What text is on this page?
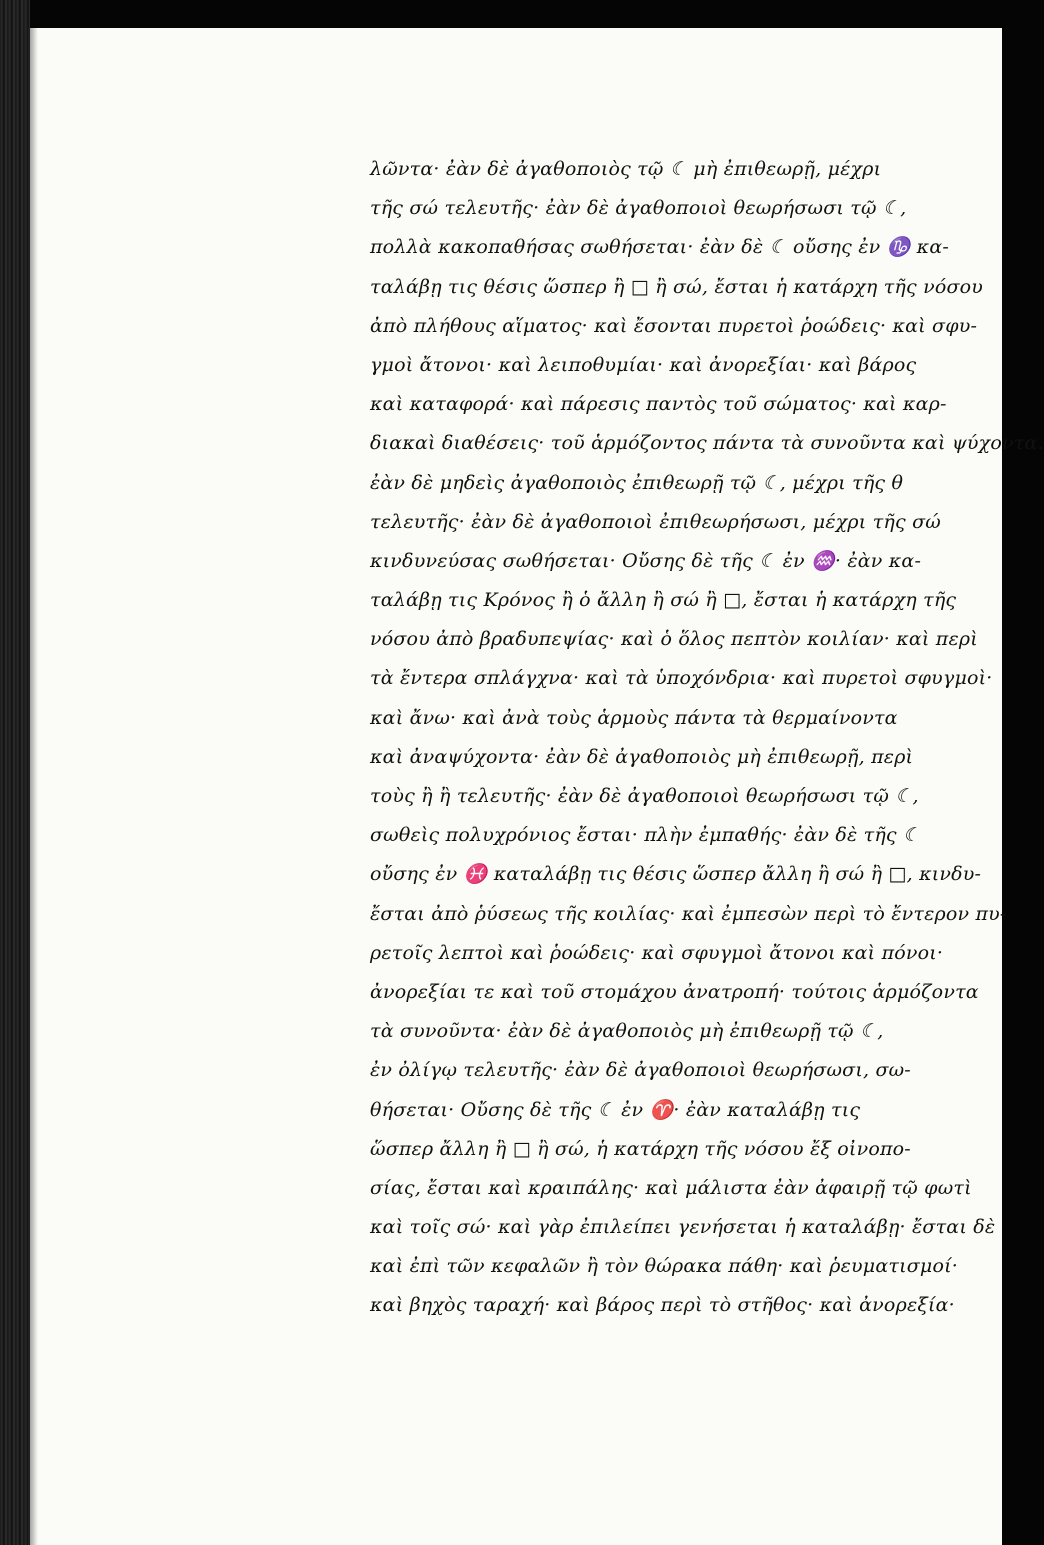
λῶντα· ἐὰν δὲ ἀγαθοποιὸς τῷ ☾ μὴ ἐπιθεωρῇ, μέχρι
τῆς σώ τελευτῆς· ἐὰν δὲ ἀγαθοποιοὶ θεωρήσωσι τῷ ☾,
πολλὰ κακοπαθήσας σωθήσεται· ἐὰν δὲ ☾ οὔσης ἐν ♑ κα-
ταλάβῃ τις θέσις ὥσπερ ἢ □ ἢ σώ, ἔσται ἡ κατάρχη τῆς νόσου
ἀπὸ πλήθους αἵματος· καὶ ἔσονται πυρετοὶ ῥοώδεις· καὶ σφυ-
γμοὶ ἄτονοι· καὶ λειποθυμίαι· καὶ ἀνορεξίαι· καὶ βάρος
καὶ καταφορά· καὶ πάρεσις παντὸς τοῦ σώματος· καὶ καρ-
διακαὶ διαθέσεις· τοῦ ἁρμόζοντος πάντα τὰ συνοῦντα καὶ ψύχοντα.
ἐὰν δὲ μηδεὶς ἀγαθοποιὸς ἐπιθεωρῇ τῷ ☾, μέχρι τῆς θ
τελευτῆς· ἐὰν δὲ ἀγαθοποιοὶ ἐπιθεωρήσωσι, μέχρι τῆς σώ
κινδυνεύσας σωθήσεται· Οὔσης δὲ τῆς ☾ ἐν ♒· ἐὰν κα-
ταλάβῃ τις Κρόνος ἢ ὁ ἄλλη ἢ σώ ἢ □, ἔσται ἡ κατάρχη τῆς
νόσου ἀπὸ βραδυπεψίας· καὶ ὁ ὅλος πεπτὸν κοιλίαν· καὶ περὶ
τὰ ἔντερα σπλάγχνα· καὶ τὰ ὑποχόνδρια· καὶ πυρετοὶ σφυγμοὶ·
καὶ ἄνω· καὶ ἀνὰ τοὺς ἁρμοὺς πάντα τὰ θερμαίνοντα
καὶ ἀναψύχοντα· ἐὰν δὲ ἀγαθοποιὸς μὴ ἐπιθεωρῇ, περὶ
τοὺς ἢ ἢ τελευτῆς· ἐὰν δὲ ἀγαθοποιοὶ θεωρήσωσι τῷ ☾,
σωθεὶς πολυχρόνιος ἔσται· πλὴν ἐμπαθής· ἐὰν δὲ τῆς ☾
οὔσης ἐν ♓ καταλάβῃ τις θέσις ὥσπερ ἄλλη ἢ σώ ἢ □, κινδυ-
ἔσται ἀπὸ ῥύσεως τῆς κοιλίας· καὶ ἐμπεσὼν περὶ τὸ ἔντερον πυ-
ρετοῖς λεπτοὶ καὶ ῥοώδεις· καὶ σφυγμοὶ ἄτονοι καὶ πόνοι·
ἀνορεξίαι τε καὶ τοῦ στομάχου ἀνατροπή· τούτοις ἁρμόζοντα
τὰ συνοῦντα· ἐὰν δὲ ἀγαθοποιὸς μὴ ἐπιθεωρῇ τῷ ☾,
ἐν ὀλίγῳ τελευτῆς· ἐὰν δὲ ἀγαθοποιοὶ θεωρήσωσι, σω-
θήσεται· Οὔσης δὲ τῆς ☾ ἐν ♈· ἐὰν καταλάβῃ τις
ὥσπερ ἄλλη ἢ □ ἢ σώ, ἡ κατάρχη τῆς νόσου ἔξ οἰνοπο-
σίας, ἔσται καὶ κραιπάλης· καὶ μάλιστα ἐὰν ἀφαιρῇ τῷ φωτὶ
καὶ τοῖς σώ· καὶ γὰρ ἐπιλείπει γενήσεται ἡ καταλάβῃ· ἔσται δὲ
καὶ ἐπὶ τῶν κεφαλῶν ἢ τὸν θώρακα πάθη· καὶ ῥευματισμοί·
καὶ βηχὸς ταραχή· καὶ βάρος περὶ τὸ στῆθος· καὶ ἀνορεξία·
